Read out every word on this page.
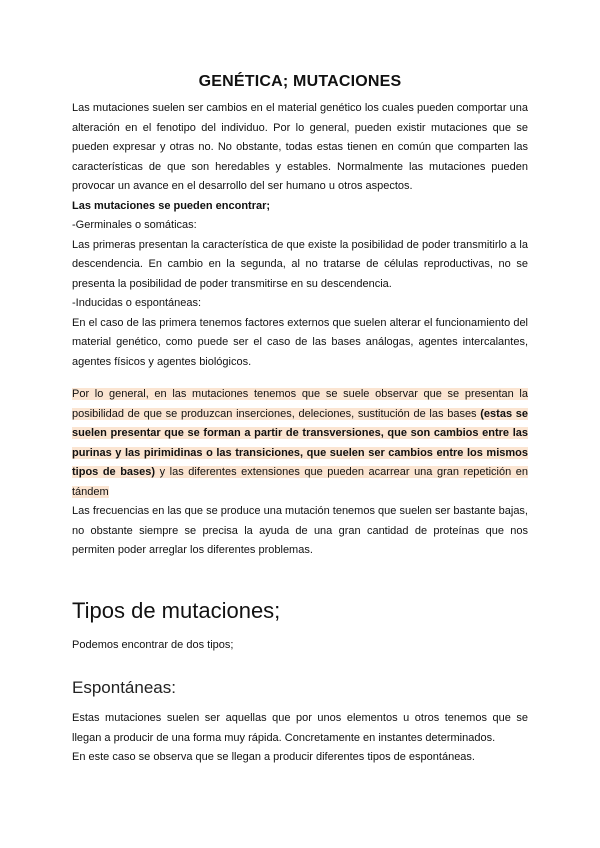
GENÉTICA; MUTACIONES

Las mutaciones suelen ser cambios en el material genético los cuales pueden comportar una alteración en el fenotipo del individuo. Por lo general, pueden existir mutaciones que se pueden expresar y otras no. No obstante, todas estas tienen en común que comparten las características de que son heredables y estables. Normalmente las mutaciones pueden provocar un avance en el desarrollo del ser humano u otros aspectos.

Las mutaciones se pueden encontrar;

-Germinales o somáticas:

Las primeras presentan la característica de que existe la posibilidad de poder transmitirlo a la descendencia. En cambio en la segunda, al no tratarse de células reproductivas, no se presenta la posibilidad de poder transmitirse en su descendencia.

-Inducidas o espontáneas:

En el caso de las primera tenemos factores externos que suelen alterar el funcionamiento del material genético, como puede ser el caso de las bases análogas, agentes intercalantes, agentes físicos y agentes biológicos.

Por lo general, en las mutaciones tenemos que se suele observar que se presentan la posibilidad de que se produzcan inserciones, deleciones, sustitución de las bases (estas se suelen presentar que se forman a partir de transversiones, que son cambios entre las purinas y las pirimidinas o las transiciones, que suelen ser cambios entre los mismos tipos de bases) y las diferentes extensiones que pueden acarrear una gran repetición en tándem

Las frecuencias en las que se produce una mutación tenemos que suelen ser bastante bajas, no obstante siempre se precisa la ayuda de una gran cantidad de proteínas que nos permiten poder arreglar los diferentes problemas.

Tipos de mutaciones;

Podemos encontrar de dos tipos;

Espontáneas:

Estas mutaciones suelen ser aquellas que por unos elementos u otros tenemos que se llegan a producir de una forma muy rápida. Concretamente en instantes determinados.

En este caso se observa que se llegan a producir diferentes tipos de espontáneas.
